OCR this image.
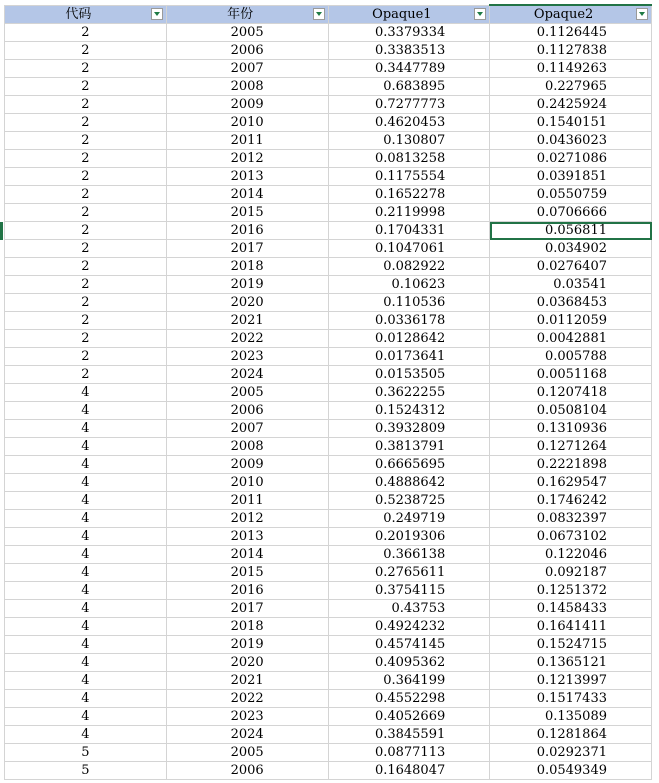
代码	年份	Opaque1	Opaque2

2	2005	0.3379334	0.1126445
2	2006	0.3383513	0.1127838
2	2007	0.3447789	0.1149263
2	2008	0.683895	0.227965
2	2009	0.7277773	0.2425924
2	2010	0.4620453	0.1540151
2	2011	0.130807	0.0436023
2	2012	0.0813258	0.0271086
2	2013	0.1175554	0.0391851
2	2014	0.1652278	0.0550759
2	2015	0.2119998	0.0706666
2	2016	0.1704331	0.056811
2	2017	0.1047061	0.034902
2	2018	0.082922	0.0276407
2	2019	0.10623	0.03541
2	2020	0.110536	0.0368453
2	2021	0.0336178	0.0112059
2	2022	0.0128642	0.0042881
2	2023	0.0173641	0.005788
2	2024	0.0153505	0.0051168
4	2005	0.3622255	0.1207418
4	2006	0.1524312	0.0508104
4	2007	0.3932809	0.1310936
4	2008	0.3813791	0.1271264
4	2009	0.6665695	0.2221898
4	2010	0.4888642	0.1629547
4	2011	0.5238725	0.1746242
4	2012	0.249719	0.0832397
4	2013	0.2019306	0.0673102
4	2014	0.366138	0.122046
4	2015	0.2765611	0.092187
4	2016	0.3754115	0.1251372
4	2017	0.43753	0.1458433
4	2018	0.4924232	0.1641411
4	2019	0.4574145	0.1524715
4	2020	0.4095362	0.1365121
4	2021	0.364199	0.1213997
4	2022	0.4552298	0.1517433
4	2023	0.4052669	0.135089
4	2024	0.3845591	0.1281864
5	2005	0.0877113	0.0292371
5	2006	0.1648047	0.0549349
